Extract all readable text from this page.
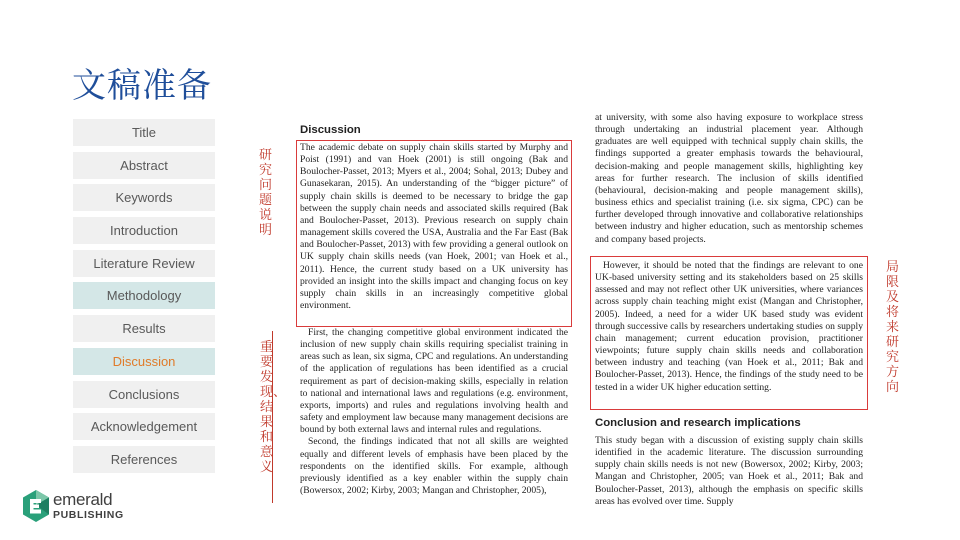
文稿准备
Title
Abstract
Keywords
Introduction
Literature Review
Methodology
Results
Discussion
Conclusions
Acknowledgement
References
emerald
PUBLISHING
研究问题说明
重要发现、结果和意义
局限及将来研究方向
Discussion

The academic debate on supply chain skills started by Murphy and Poist (1991) and van Hoek (2001) is still ongoing (Bak and Boulocher-Passet, 2013; Myers et al., 2004; Sohal, 2013; Dubey and Gunasekaran, 2015). An understanding of the “bigger picture” of supply chain skills is deemed to be necessary to bridge the gap between the supply chain needs and associated skills required (Bak and Boulocher-Passet, 2013). Previous research on supply chain management skills covered the USA, Australia and the Far East (Bak and Boulocher-Passet, 2013) with few providing a general outlook on UK supply chain skills needs (van Hoek, 2001; van Hoek et al., 2011). Hence, the current study based on a UK university has provided an insight into the skills impact and changing focus on key supply chain skills in an increasingly competitive global environment.

First, the changing competitive global environment indicated the inclusion of new supply chain skills requiring specialist training in areas such as lean, six sigma, CPC and regulations. An understanding of the application of regulations has been identified as a crucial requirement as part of decision-making skills, especially in relation to national and international laws and regulations (e.g. environment, exports, imports) and rules and regulations involving health and safety and employment law because many management decisions are bound by both external laws and internal rules and regulations.

Second, the findings indicated that not all skills are weighted equally and different levels of emphasis have been placed by the respondents on the identified skills. For example, although previously identified as a key enabler within the supply chain (Bowersox, 2002; Kirby, 2003; Mangan and Christopher, 2005),

at university, with some also having exposure to workplace stress through undertaking an industrial placement year. Although graduates are well equipped with technical supply chain skills, the findings supported a greater emphasis towards the behavioural, decision-making and people management skills, highlighting key areas for further research. The inclusion of skills identified (behavioural, decision-making and people management skills), business ethics and specialist training (i.e. six sigma, CPC) can be further developed through innovative and collaborative relationships between industry and higher education, such as mentorship schemes and company based projects.

However, it should be noted that the findings are relevant to one UK-based university setting and its stakeholders based on 25 skills assessed and may not reflect other UK universities, where variances across supply chain teaching might exist (Mangan and Christopher, 2005). Indeed, a need for a wider UK based study was evident through successive calls by researchers undertaking studies on supply chain management; current education provision, practitioner viewpoints; future supply chain skills needs and collaboration between industry and teaching (van Hoek et al., 2011; Bak and Boulocher-Passet, 2013). Hence, the findings of the study need to be tested in a wider UK higher education setting.

Conclusion and research implications

This study began with a discussion of existing supply chain skills identified in the academic literature. The discussion surrounding supply chain skills needs is not new (Bowersox, 2002; Kirby, 2003; Mangan and Christopher, 2005; van Hoek et al., 2011; Bak and Boulocher-Passet, 2013), although the emphasis on specific skills areas has evolved over time. Supply
